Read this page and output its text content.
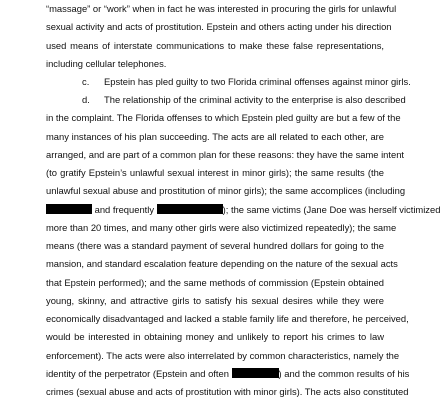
“massage” or “work” when in fact he was interested in procuring the girls for unlawful

sexual activity and acts of prostitution. Epstein and others acting under his direction

used means of interstate communications to make these false representations,

including cellular telephones.

c.	Epstein has pled guilty to two Florida criminal offenses against minor girls.

d.	The relationship of the criminal activity to the enterprise is also described

in the complaint. The Florida offenses to which Epstein pled guilty are but a few of the

many instances of his plan succeeding. The acts are all related to each other, are

arranged, and are part of a common plan for these reasons: they have the same intent

(to gratify Epstein’s unlawful sexual interest in minor girls); the same results (the

unlawful sexual abuse and prostitution of minor girls); the same accomplices (including

and frequently	); the same victims (Jane Doe was herself victimized

more than 20 times, and many other girls were also victimized repeatedly); the same

means (there was a standard payment of several hundred dollars for going to the

mansion, and standard escalation feature depending on the nature of the sexual acts

that Epstein performed); and the same methods of commission (Epstein obtained

young, skinny, and attractive girls to satisfy his sexual desires while they were

economically disadvantaged and lacked a stable family life and therefore, he perceived,

would be interested in obtaining money and unlikely to report his crimes to law

enforcement). The acts were also interrelated by common characteristics, namely the

identity of the perpetrator (Epstein and often	) and the common results of his

crimes (sexual abuse and acts of prostitution with minor girls). The acts also constituted
